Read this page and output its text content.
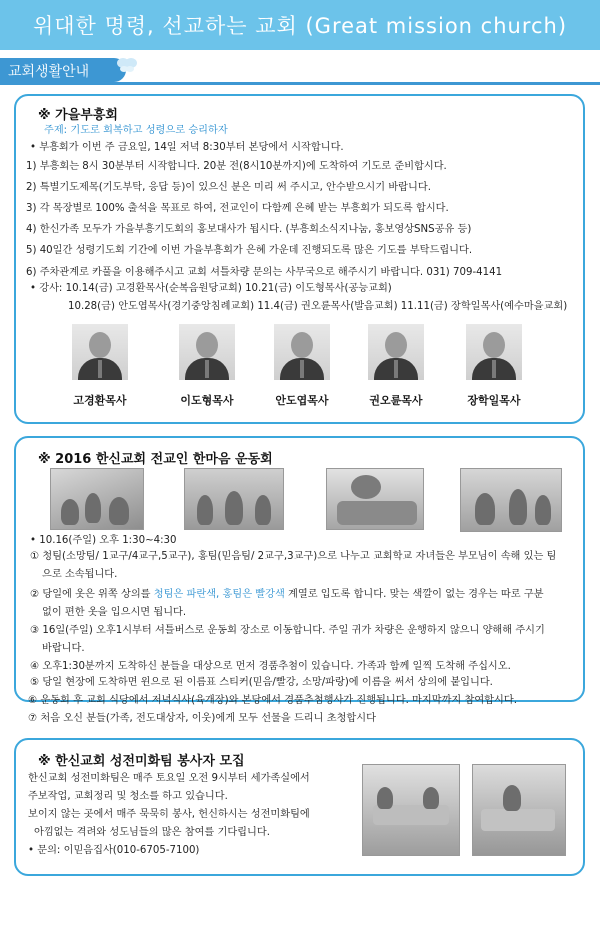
위대한 명령, 선교하는 교회 (Great mission church)
교회생활안내
※ 가을부흥회
주제: 기도로 회복하고 성령으로 승리하자
• 부흥회가 이번 주 금요일, 14일 저녁 8:30부터 본당에서 시작합니다.
1) 부흥회는 8시 30분부터 시작합니다. 20분 전(8시10분까지)에 도착하여 기도로 준비합시다.
2) 특별기도제목(기도부탁, 응답 등)이 있으신 분은 미리 써 주시고, 안수받으시기 바랍니다.
3) 각 목장별로 100% 출석을 목표로 하여, 전교인이 다함께 은혜 받는 부흥회가 되도록 합시다.
4) 한신가족 모두가 가을부흥기도회의 홍보대사가 됩시다. (부흥회소식지나눔, 홍보영상SNS공유 등)
5) 40일간 성령기도회 기간에 이번 가을부흥회가 은혜 가운데 진행되도록 많은 기도를 부탁드립니다.
6) 주차관계로 카풀을 이용해주시고 교회 셔틀차량 문의는 사무국으로 해주시기 바랍니다. 031) 709-4141
• 강사: 10.14(금) 고경환목사(순복음원당교회) 10.21(금) 이도형목사(공능교회)
10.28(금) 안도엽목사(경기중앙침례교회) 11.4(금) 권오륜목사(발음교회) 11.11(금) 장학일목사(예수마을교회)
고경환목사	이도형목사	안도엽목사	권오륜목사	장학일목사
※ 2016 한신교회 전교인 한마음 운동회
• 10.16(주일) 오후 1:30~4:30
① 청팀(소망팀/ 1교구/4교구,5교구), 홍팀(믿음팀/ 2교구,3교구)으로 나누고 교회학교 자녀들은 부모님이 속해 있는 팀
으로 소속됩니다.
② 당일에 옷은 위쪽 상의를 청팀은 파란색, 홍팀은 빨강색 계열로 입도록 합니다. 맞는 색깔이 없는 경우는 따로 구분
없이 편한 옷을 입으시면 됩니다.
③ 16일(주일) 오후1시부터 셔틀버스로 운동회 장소로 이동합니다. 주일 귀가 차량은 운행하지 않으니 양해해 주시기
바랍니다.
④ 오후1:30분까지 도착하신 분들을 대상으로 먼저 경품추첨이 있습니다. 가족과 함께 일찍 도착해 주십시오.
⑤ 당일 현장에 도착하면 윈으로 된 이름표 스티커(믿음/빨강, 소망/파랑)에 이름을 써서 상의에 붙입니다.
⑥ 운동회 후 교회 식당에서 저녁식사(육개장)와 본당에서 경품추첨행사가 진행됩니다. 마지막까지 참여합시다.
⑦ 처음 오신 분들(가족, 전도대상자, 이웃)에게 모두 선물을 드리니 초청합시다
※ 한신교회 성전미화팀 봉사자 모집
한신교회 성전미화팀은 매주 토요일 오전 9시부터 세가족실에서
주보작업, 교회정리 및 청소를 하고 있습니다.
보이지 않는 곳에서 매주 묵묵히 봉사, 헌신하시는 성전미화팀에
아낌없는 격려와 성도님들의 많은 참여를 기다립니다.
• 문의: 이믿음집사(010-6705-7100)
